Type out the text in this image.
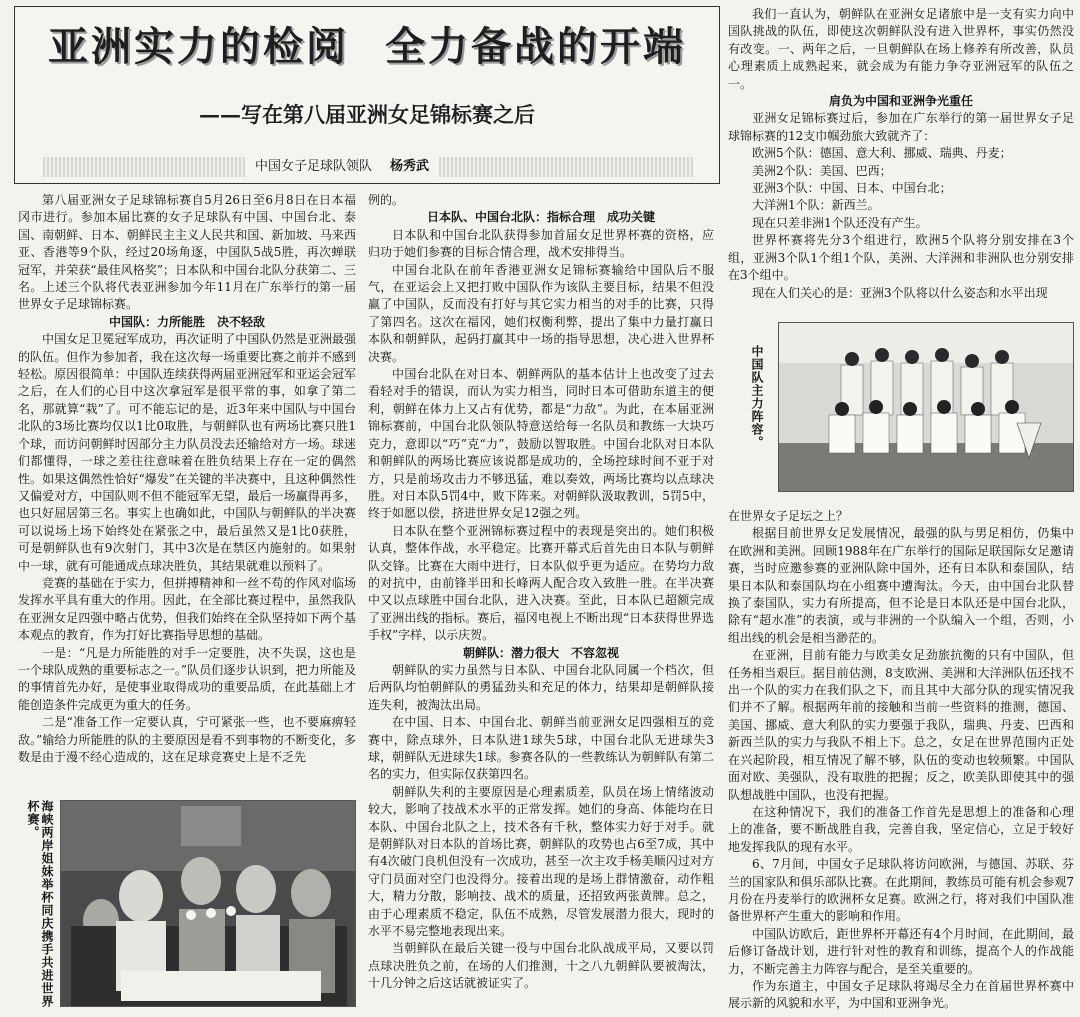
亚洲实力的检阅 全力备战的开端
——写在第八届亚洲女足锦标赛之后
中国女子足球队领队 杨秀武

第八届亚洲女子足球锦标赛自5月26日至6月8日在日本福冈市进行。参加本届比赛的女子足球队有中国、中国台北、泰国、南朝鲜、日本、朝鲜民主主义人民共和国、新加坡、马来西亚、香港等9个队，经过20场角逐，中国队5战5胜，再次蝉联冠军，并荣获“最佳风格奖”；日本队和中国台北队分获第二、三名。上述三个队将代表亚洲参加今年11月在广东举行的第一届世界女子足球锦标赛。

中国队：力所能胜　决不轻敌

中国女足卫冕冠军成功，再次证明了中国队仍然是亚洲最强的队伍。但作为参加者，我在这次每一场重要比赛之前并不感到轻松。原因很简单：中国队连续获得两届亚洲冠军和亚运会冠军之后，在人们的心目中这次拿冠军是很平常的事，如拿了第二名，那就算“栽”了。可不能忘记的是，近3年来中国队与中国台北队的3场比赛均仅以1比0取胜，与朝鲜队也有两场比赛只胜1个球，而访问朝鲜时因部分主力队员没去还输给对方一场。球迷们都懂得，一球之差往往意味着在胜负结果上存在一定的偶然性。如果这偶然性恰好“爆发”在关键的半决赛中，且这种偶然性又偏爱对方，中国队则不但不能冠军无望，最后一场赢得再多，也只好屈居第三名。事实上也确如此，中国队与朝鲜队的半决赛可以说场上场下始终处在紧张之中，最后虽然又是1比0获胜，可是朝鲜队也有9次射门，其中3次是在禁区内施射的。如果射中一球，就有可能通成点球决胜负，其结果就难以预料了。

竞赛的基础在于实力，但拼搏精神和一丝不苟的作风对临场发挥水平具有重大的作用。因此，在全部比赛过程中，虽然我队在亚洲女足四强中略占优势，但我们始终在全队坚持如下两个基本观点的教育，作为打好比赛指导思想的基础。

一是：“凡是力所能胜的对手一定要胜，决不失误，这也是一个球队成熟的重要标志之一。”队员们逐步认识到，把力所能及的事情首先办好，是使事业取得成功的重要品质，在此基础上才能创造条件完成更为重大的任务。

二是“准备工作一定要认真，宁可紧张一些，也不要麻痹轻敌。”输给力所能胜的队的主要原因是看不到事物的不断变化，多数是由于漫不经心造成的，这在足球竞赛史上是不乏先

海峡两岸姐妹举杯同庆携手共进世界杯赛。

例的。

日本队、中国台北队：指标合理　成功关键

日本队和中国台北队获得参加首届女足世界杯赛的资格，应归功于她们参赛的目标合情合理，战术安排得当。

中国台北队在前年香港亚洲女足锦标赛输给中国队后不服气，在亚运会上又把打败中国队作为该队主要目标，结果不但没赢了中国队，反而没有打好与其它实力相当的对手的比赛，只得了第四名。这次在福冈，她们权衡利弊，提出了集中力量打赢日本队和朝鲜队，起码打赢其中一场的指导思想，决心进入世界杯决赛。

中国台北队在对日本、朝鲜两队的基本估计上也改变了过去看轻对手的错误，而认为实力相当，同时日本可借助东道主的便利，朝鲜在体力上又占有优势，都是“力敌”。为此，在本届亚洲锦标赛前，中国台北队领队特意送给每一名队员和教练一大块巧克力，意即以“巧”克“力”，鼓励以智取胜。中国台北队对日本队和朝鲜队的两场比赛应该说都是成功的，全场控球时间不亚于对方，只是前场攻击力不够迅猛，难以奏效，两场比赛均以点球决胜。对日本队5罚4中，败下阵来。对朝鲜队汲取教训，5罚5中，终于如愿以偿，挤进世界女足12强之列。

日本队在整个亚洲锦标赛过程中的表现是突出的。她们积极认真，整体作战，水平稳定。比赛开幕式后首先由日本队与朝鲜队交锋。比赛在大雨中进行，日本队似乎更为适应。在势均力敌的对抗中，由前锋半田和长峰两人配合攻入致胜一胜。在半决赛中又以点球胜中国台北队，进入决赛。至此，日本队已超额完成了亚洲出线的指标。赛后，福冈电视上不断出现“日本获得世界选手权”字样，以示庆贺。

朝鲜队：潜力很大　不容忽视

朝鲜队的实力虽然与日本队、中国台北队同属一个档次，但后两队均怕朝鲜队的勇猛劲头和充足的体力，结果却是朝鲜队接连失利，被淘汰出局。

在中国、日本、中国台北、朝鲜当前亚洲女足四强相互的竞赛中，除点球外，日本队进1球失5球，中国台北队无进球失3球，朝鲜队无进球失1球。参赛各队的一些教练认为朝鲜队有第二名的实力，但实际仅获第四名。

朝鲜队失利的主要原因是心理素质差，队员在场上情绪波动较大，影响了技战术水平的正常发挥。她们的身高、体能均在日本队、中国台北队之上，技术各有千秋，整体实力好于对手。就是朝鲜队对日本队的首场比赛，朝鲜队的攻势也占6至7成，其中有4次破门良机但没有一次成功，甚至一次主攻手杨美顺闪过对方守门员面对空门也没得分。接着出现的是场上群情激奋，动作粗大，精力分散，影响技、战术的质量，还招致两张黄牌。总之，由于心理素质不稳定，队伍不成熟，尽管发展潜力很大，现时的水平不易完整地表现出来。

当朝鲜队在最后关键一役与中国台北队战成平局，又要以罚点球决胜负之前，在场的人们推测，十之八九朝鲜队要被淘汰，十几分钟之后这话就被证实了。

我们一直认为，朝鲜队在亚洲女足诸旅中是一支有实力向中国队挑战的队伍，即使这次朝鲜队没有进入世界杯，事实仍然没有改变。一、两年之后，一旦朝鲜队在场上修养有所改善，队员心理素质上成熟起来，就会成为有能力争夺亚洲冠军的队伍之一。

肩负为中国和亚洲争光重任

亚洲女足锦标赛过后，参加在广东举行的第一届世界女子足球锦标赛的12支巾帼劲旅大致就齐了：

欧洲5个队：德国、意大利、挪威、瑞典、丹麦；

美洲2个队：美国、巴西；

亚洲3个队：中国、日本、中国台北；

大洋洲1个队：新西兰。

现在只差非洲1个队还没有产生。

世界杯赛将先分3个组进行，欧洲5个队将分别安排在3个组，亚洲3个队1个组1个队，美洲、大洋洲和非洲队也分别安排在3个组中。

现在人们关心的是：亚洲3个队将以什么姿态和水平出现

中国队主力阵容。

在世界女子足坛之上？

根据目前世界女足发展情况，最强的队与男足相仿，仍集中在欧洲和美洲。回顾1988年在广东举行的国际足联国际女足邀请赛，当时应邀参赛的亚洲队除中国外，还有日本队和泰国队，结果日本队和泰国队均在小组赛中遭淘汰。今天，由中国台北队替换了泰国队，实力有所提高，但不论是日本队还是中国台北队，除有“超水准”的表演，或与非洲的一个队编入一个组，否则，小组出线的机会是相当渺茫的。

在亚洲，目前有能力与欧美女足劲旅抗衡的只有中国队，但任务相当艰巨。据目前估测，8支欧洲、美洲和大洋洲队伍还找不出一个队的实力在我们队之下，而且其中大部分队的现实情况我们并不了解。根据两年前的接触和当前一些资料的推测，德国、美国、挪威、意大利队的实力要强于我队，瑞典、丹麦、巴西和新西兰队的实力与我队不相上下。总之，女足在世界范围内正处在兴起阶段，相互情况了解不够，队伍的变动也较频繁。中国队面对欧、美强队，没有取胜的把握；反之，欧美队即使其中的强队想战胜中国队，也没有把握。

在这种情况下，我们的准备工作首先是思想上的准备和心理上的准备，要不断战胜自我，完善自我，坚定信心，立足于较好地发挥我队的现有水平。

6、7月间，中国女子足球队将访问欧洲，与德国、苏联、芬兰的国家队和俱乐部队比赛。在此期间，教练员可能有机会参观7月份在丹麦举行的欧洲杯女足赛。欧洲之行，将对我们中国队准备世界杯产生重大的影响和作用。

中国队访欧后，距世界杯开幕还有4个月时间，在此期间，最后修订备战计划，进行针对性的教育和训练，提高个人的作战能力，不断完善主力阵容与配合，是至关重要的。

作为东道主，中国女子足球队将竭尽全力在首届世界杯赛中展示新的风貌和水平，为中国和亚洲争光。
